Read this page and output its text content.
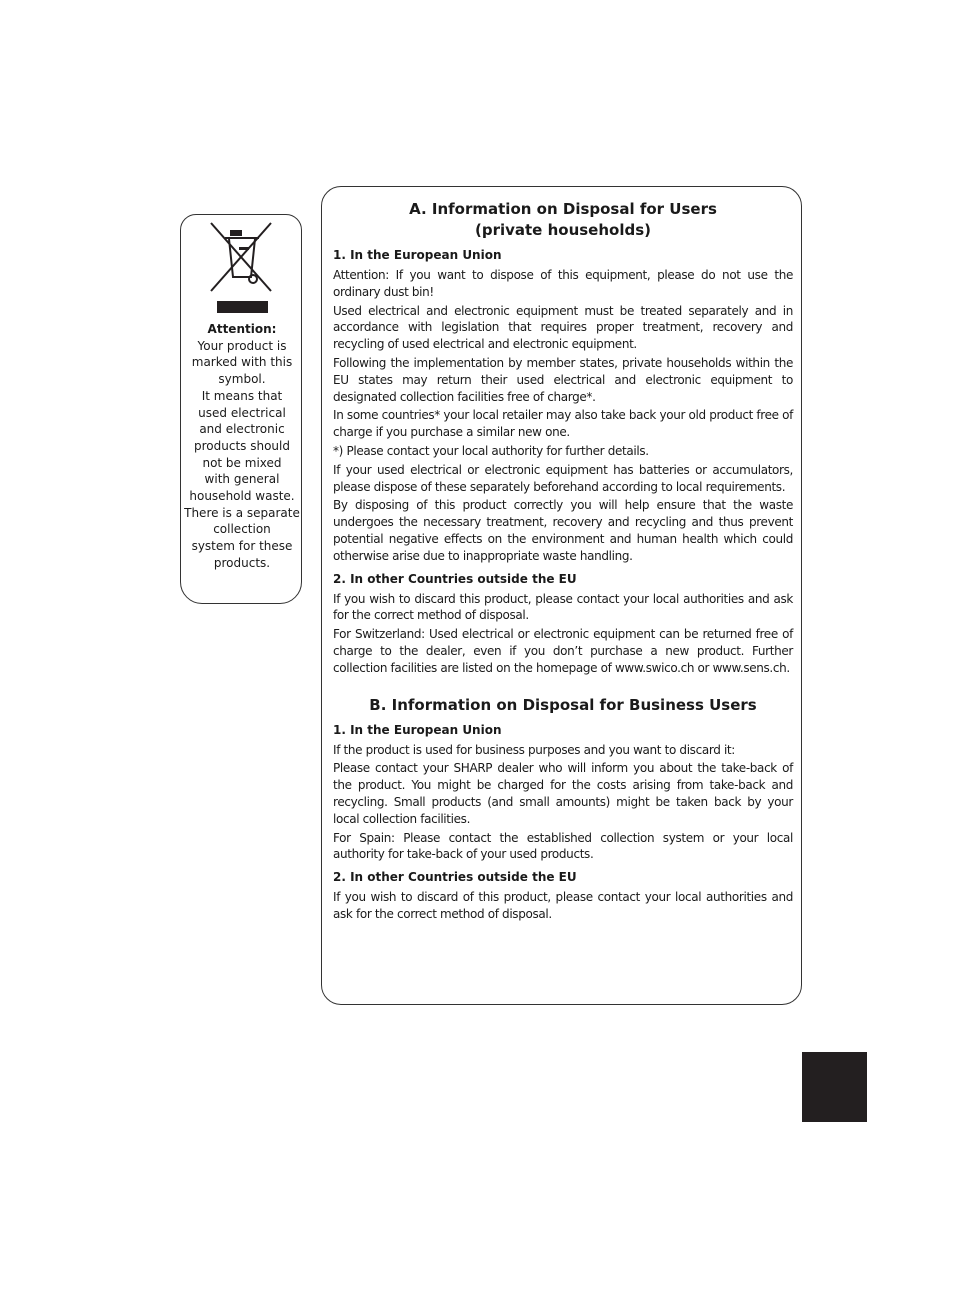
Attention:
Your product is
marked with this
symbol.
It means that
used electrical
and electronic
products should
not be mixed
with general
household waste.
There is a separate
collection
system for these
products.
A. Information on Disposal for Users
(private households)
1. In the European Union

Attention: If you want to dispose of this equipment, please do not use the ordinary dust bin!

Used electrical and electronic equipment must be treated separately and in accordance with legislation that requires proper treatment, recovery and recycling of used electrical and electronic equipment.

Following the implementation by member states, private households within the EU states may return their used electrical and electronic equipment to designated collection facilities free of charge*.

In some countries* your local retailer may also take back your old product free of charge if you purchase a similar new one.

*) Please contact your local authority for further details.

If your used electrical or electronic equipment has batteries or accumulators, please dispose of these separately beforehand according to local requirements.

By disposing of this product correctly you will help ensure that the waste undergoes the necessary treatment, recovery and recycling and thus prevent potential negative effects on the environment and human health which could otherwise arise due to inappropriate waste handling.

2. In other Countries outside the EU

If you wish to discard this product, please contact your local authorities and ask for the correct method of disposal.

For Switzerland: Used electrical or electronic equipment can be returned free of charge to the dealer, even if you don’t purchase a new product. Further collection facilities are listed on the homepage of www.swico.ch or www.sens.ch.

B. Information on Disposal for Business Users
1. In the European Union

If the product is used for business purposes and you want to discard it:

Please contact your SHARP dealer who will inform you about the take-back of the product. You might be charged for the costs arising from take-back and recycling. Small products (and small amounts) might be taken back by your local collection facilities.

For Spain: Please contact the established collection system or your local authority for take-back of your used products.

2. In other Countries outside the EU

If you wish to discard of this product, please contact your local authorities and ask for the correct method of disposal.
